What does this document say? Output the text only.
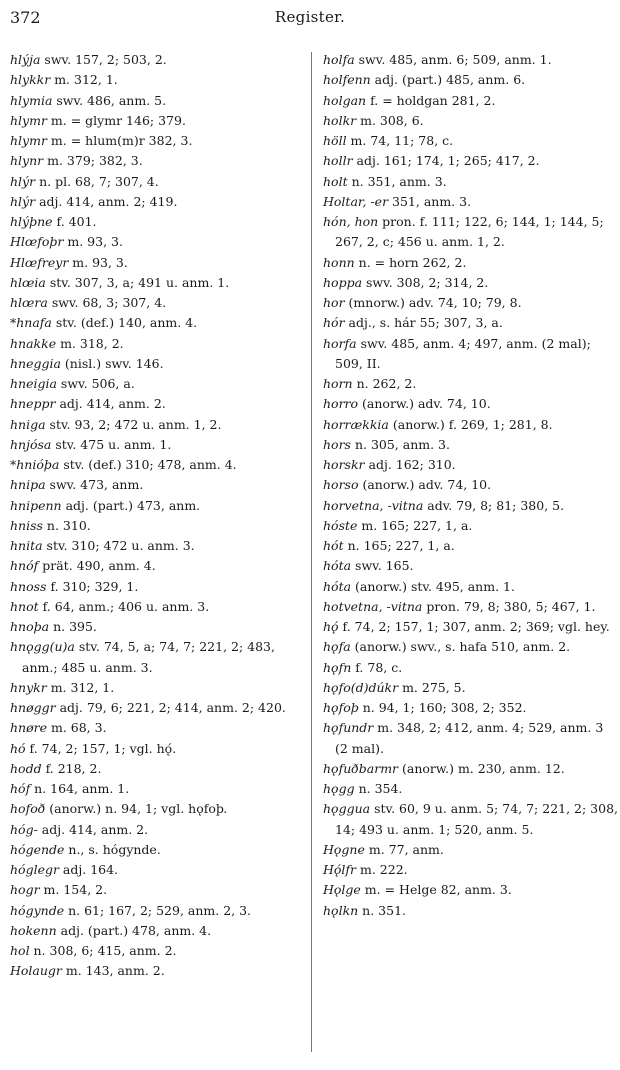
372	Register.
hlýja swv. 157, 2; 503, 2.
hlykkr m. 312, 1.
hlymia swv. 486, anm. 5.
hlymr m. = glymr 146; 379.
hlymr m. = hlum(m)r 382, 3.
hlynr m. 379; 382, 3.
hlýr n. pl. 68, 7; 307, 4.
hlýr adj. 414, anm. 2; 419.
hlýþne f. 401.
Hlœfoþr m. 93, 3.
Hlœfreyr m. 93, 3.
hlœia stv. 307, 3, a; 491 u. anm. 1.
hlœra swv. 68, 3; 307, 4.
*hnafa stv. (def.) 140, anm. 4.
hnakke m. 318, 2.
hneggia (nisl.) swv. 146.
hneigia swv. 506, a.
hneppr adj. 414, anm. 2.
hniga stv. 93, 2; 472 u. anm. 1, 2.
hnjósa stv. 475 u. anm. 1.
*hnióþa stv. (def.) 310; 478, anm. 4.
hnipa swv. 473, anm.
hnipenn adj. (part.) 473, anm.
hniss n. 310.
hnita stv. 310; 472 u. anm. 3.
hnóf prät. 490, anm. 4.
hnoss f. 310; 329, 1.
hnot f. 64, anm.; 406 u. anm. 3.
hnoþa n. 395.
hnǫgg(u)a stv. 74, 5, a; 74, 7; 221, 2; 483, anm.; 485 u. anm. 3.
hnykr m. 312, 1.
hnøggr adj. 79, 6; 221, 2; 414, anm. 2; 420.
hnøre m. 68, 3.
hó f. 74, 2; 157, 1; vgl. hǫ́.
hodd f. 218, 2.
hóf n. 164, anm. 1.
hofoð (anorw.) n. 94, 1; vgl. hǫfoþ.
hóg- adj. 414, anm. 2.
hógende n., s. hógynde.
hóglegr adj. 164.
hogr m. 154, 2.
hógynde n. 61; 167, 2; 529, anm. 2, 3.
hokenn adj. (part.) 478, anm. 4.
hol n. 308, 6; 415, anm. 2.
Holaugr m. 143, anm. 2.
holfa swv. 485, anm. 6; 509, anm. 1.
holfenn adj. (part.) 485, anm. 6.
holgan f. = holdgan 281, 2.
holkr m. 308, 6.
höll m. 74, 11; 78, c.
hollr adj. 161; 174, 1; 265; 417, 2.
holt n. 351, anm. 3.
Holtar, -er 351, anm. 3.
hón, hon pron. f. 111; 122, 6; 144, 1; 144, 5; 267, 2, c; 456 u. anm. 1, 2.
honn n. = horn 262, 2.
hoppa swv. 308, 2; 314, 2.
hor (mnorw.) adv. 74, 10; 79, 8.
hór adj., s. hár 55; 307, 3, a.
horfa swv. 485, anm. 4; 497, anm. (2 mal); 509, II.
horn n. 262, 2.
horro (anorw.) adv. 74, 10.
horrækkia (anorw.) f. 269, 1; 281, 8.
hors n. 305, anm. 3.
horskr adj. 162; 310.
horso (anorw.) adv. 74, 10.
horvetna, -vitna adv. 79, 8; 81; 380, 5.
hóste m. 165; 227, 1, a.
hót n. 165; 227, 1, a.
hóta swv. 165.
hóta (anorw.) stv. 495, anm. 1.
hotvetna, -vitna pron. 79, 8; 380, 5; 467, 1.
hǫ́ f. 74, 2; 157, 1; 307, anm. 2; 369; vgl. hey.
hǫfa (anorw.) swv., s. hafa 510, anm. 2.
hǫfn f. 78, c.
hǫfo(d)dúkr m. 275, 5.
hǫfoþ n. 94, 1; 160; 308, 2; 352.
hǫfundr m. 348, 2; 412, anm. 4; 529, anm. 3 (2 mal).
hǫfuðbarmr (anorw.) m. 230, anm. 12.
hǫgg n. 354.
hǫggua stv. 60, 9 u. anm. 5; 74, 7; 221, 2; 308, 14; 493 u. anm. 1; 520, anm. 5.
Hǫgne m. 77, anm.
Hǫ́lfr m. 222.
Hǫlge m. = Helge 82, anm. 3.
hǫlkn n. 351.
